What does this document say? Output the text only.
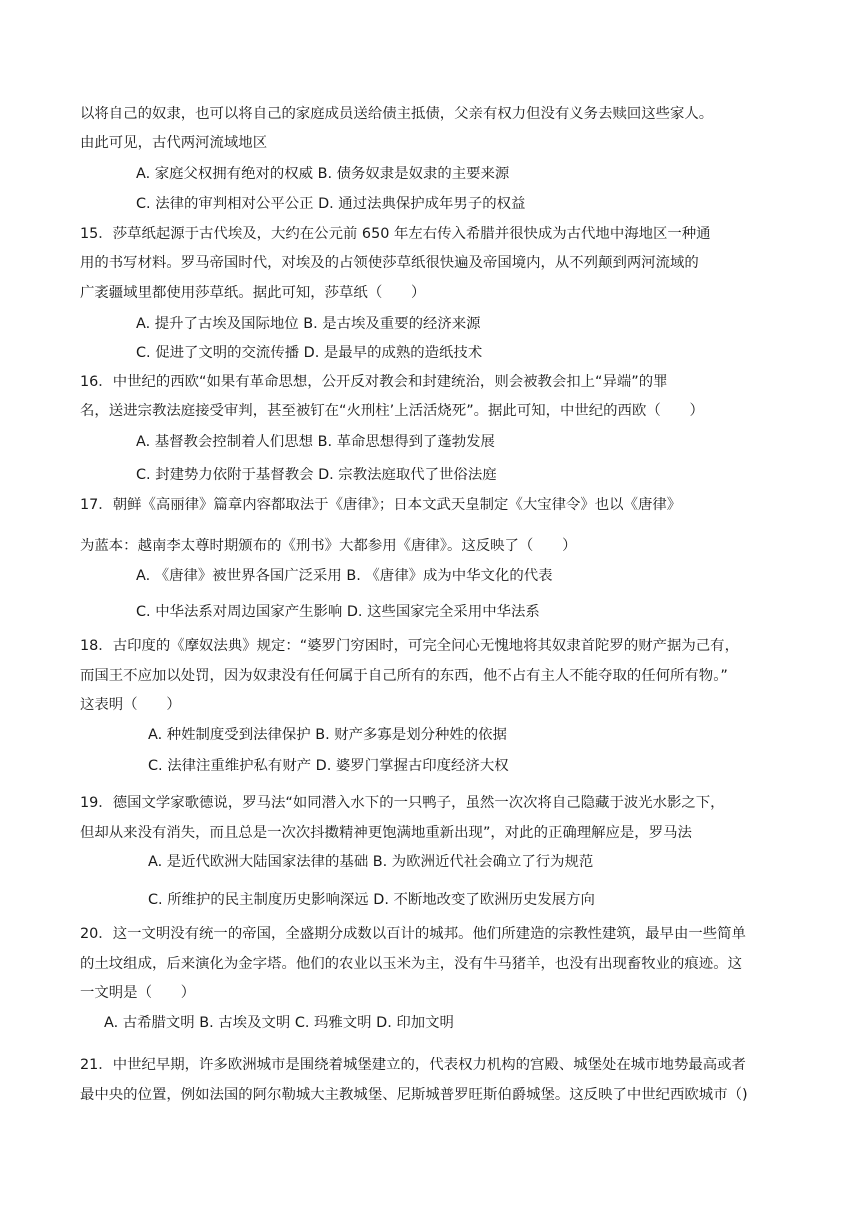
以将自己的奴隶，也可以将自己的家庭成员送给债主抵债，父亲有权力但没有义务去赎回这些家人。
由此可见，古代两河流域地区
A. 家庭父权拥有绝对的权威 B. 债务奴隶是奴隶的主要来源
C. 法律的审判相对公平公正 D. 通过法典保护成年男子的权益
15．莎草纸起源于古代埃及，大约在公元前 650 年左右传入希腊并很快成为古代地中海地区一种通
用的书写材料。罗马帝国时代，对埃及的占领使莎草纸很快遍及帝国境内，从不列颠到两河流域的
广袤疆域里都使用莎草纸。据此可知，莎草纸（　　）
A. 提升了古埃及国际地位 B. 是古埃及重要的经济来源
C. 促进了文明的交流传播 D. 是最早的成熟的造纸技术
16．中世纪的西欧“如果有革命思想，公开反对教会和封建统治，则会被教会扣上“异端”的罪
名，送进宗教法庭接受审判，甚至被钉在“火刑柱’上活活烧死”。据此可知，中世纪的西欧（　　）
A. 基督教会控制着人们思想 B. 革命思想得到了蓬勃发展
C. 封建势力依附于基督教会 D. 宗教法庭取代了世俗法庭
17．朝鲜《高丽律》篇章内容都取法于《唐律》；日本文武天皇制定《大宝律令》也以《唐律》
为蓝本：越南李太尊时期颁布的《刑书》大都参用《唐律》。这反映了（　　）
A. 《唐律》被世界各国广泛采用 B. 《唐律》成为中华文化的代表
C. 中华法系对周边国家产生影响 D. 这些国家完全采用中华法系
18．古印度的《摩奴法典》规定：“婆罗门穷困时，可完全问心无愧地将其奴隶首陀罗的财产据为己有，
而国王不应加以处罚，因为奴隶没有任何属于自己所有的东西，他不占有主人不能夺取的任何所有物。”
这表明（　　）
A. 种姓制度受到法律保护 B. 财产多寡是划分种姓的依据
C. 法律注重维护私有财产 D. 婆罗门掌握古印度经济大权
19．德国文学家歌德说，罗马法“如同潜入水下的一只鸭子，虽然一次次将自己隐藏于波光水影之下，
但却从来没有消失，而且总是一次次抖擞精神更饱满地重新出现”，对此的正确理解应是，罗马法
A. 是近代欧洲大陆国家法律的基础 B. 为欧洲近代社会确立了行为规范
C. 所维护的民主制度历史影响深远 D. 不断地改变了欧洲历史发展方向
20．这一文明没有统一的帝国，全盛期分成数以百计的城邦。他们所建造的宗教性建筑，最早由一些简单
的土坟组成，后来演化为金字塔。他们的农业以玉米为主，没有牛马猪羊，也没有出现畜牧业的痕迹。这
一文明是（　　）
A. 古希腊文明 B. 古埃及文明 C. 玛雅文明 D. 印加文明
21．中世纪早期，许多欧洲城市是围绕着城堡建立的，代表权力机构的宫殿、城堡处在城市地势最高或者
最中央的位置，例如法国的阿尔勒城大主教城堡、尼斯城普罗旺斯伯爵城堡。这反映了中世纪西欧城市（)
